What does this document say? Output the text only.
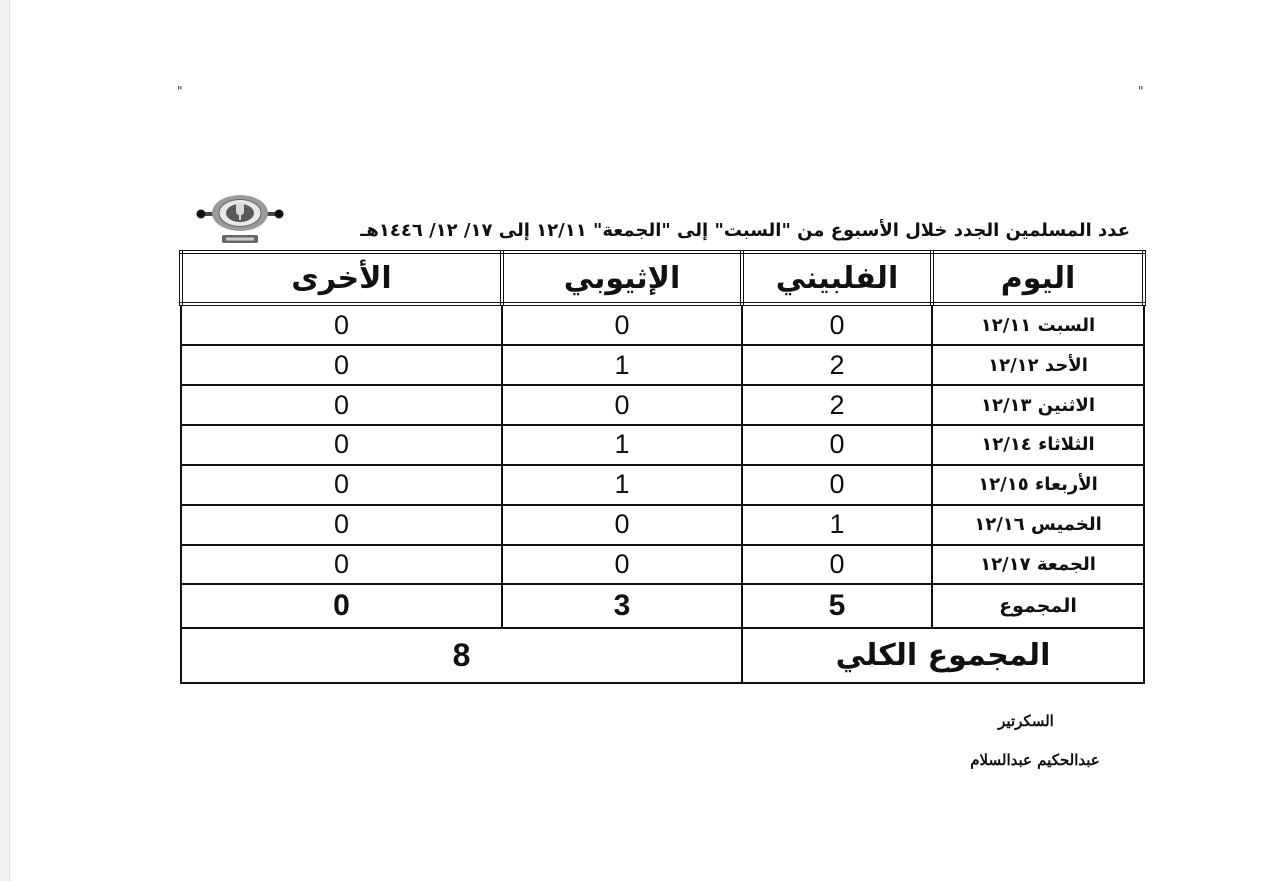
"	"
عدد المسلمين الجدد خلال الأسبوع من "السبت" إلى "الجمعة" ١٢/١١ إلى ١٧/ ١٢/ ١٤٤٦هـ
اليوم	الفلبيني	الإثيوبي	الأخرى
السبت ١٢/١١	0	0	0
الأحد ١٢/١٢	2	1	0
الاثنين ١٢/١٣	2	0	0
الثلاثاء ١٢/١٤	0	1	0
الأربعاء ١٢/١٥	0	1	0
الخميس ١٢/١٦	1	0	0
الجمعة ١٢/١٧	0	0	0
المجموع	5	3	0
المجموع الكلي		8	
السكرتير
عبدالحكيم عبدالسلام
